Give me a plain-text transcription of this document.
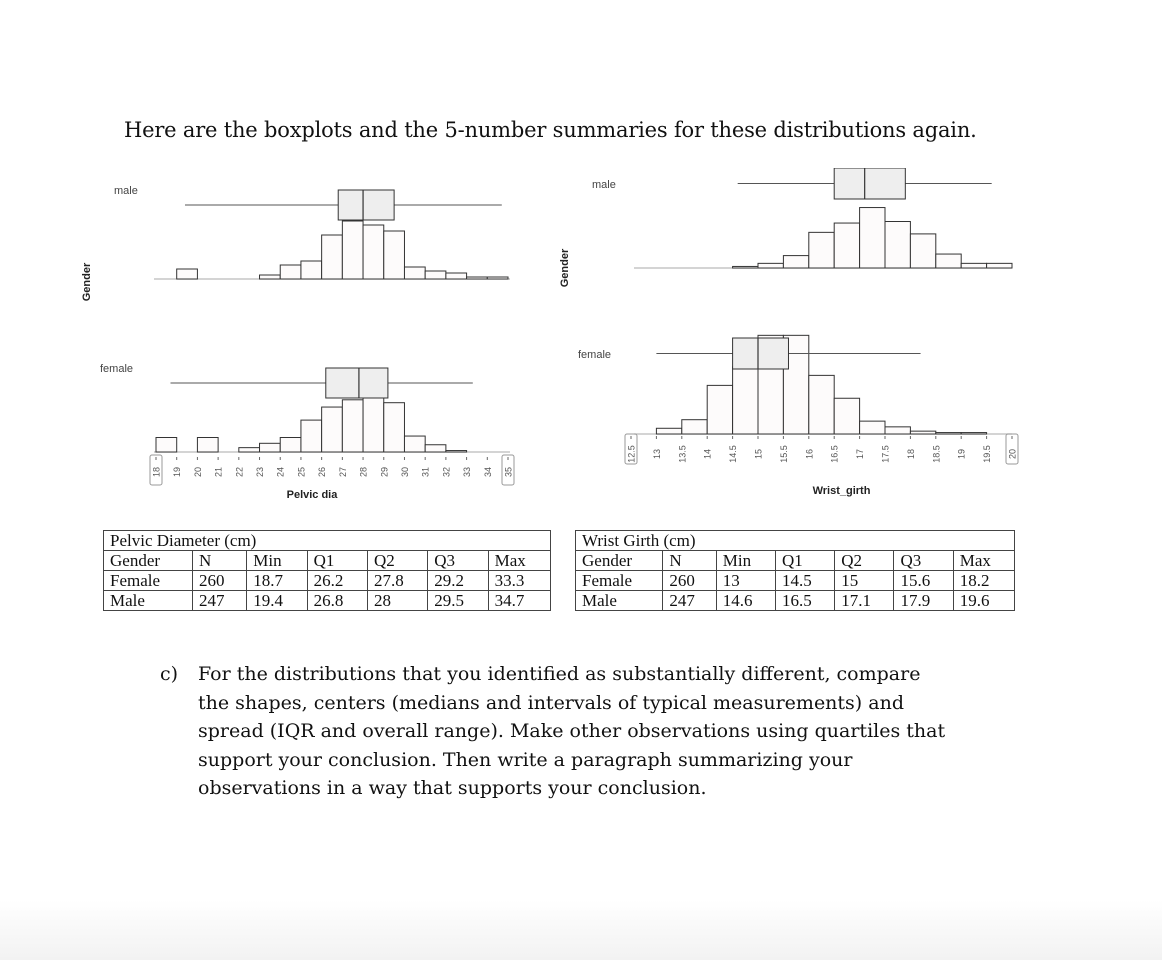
Here are the boxplots and the 5-number summaries for these distributions again.
Gender
male
female
18 19 20 21 22 23 24 25 26 27 28 29 30 31 32 33 34 35
Pelvic dia
Gender
male
female
12.5 13 13.5 14 14.5 15 15.5 16 16.5 17 17.5 18 18.5 19 19.5 20
Wrist_girth
Pelvic Diameter (cm)						
Gender	N	Min	Q1	Q2	Q3	Max
Female	260	18.7	26.2	27.8	29.2	33.3
Male	247	19.4	26.8	28	29.5	34.7
Wrist Girth (cm)						
Gender	N	Min	Q1	Q2	Q3	Max
Female	260	13	14.5	15	15.6	18.2
Male	247	14.6	16.5	17.1	17.9	19.6
c) For the distributions that you identified as substantially different, compare
the shapes, centers (medians and intervals of typical measurements) and
spread (IQR and overall range). Make other observations using quartiles that
support your conclusion. Then write a paragraph summarizing your
observations in a way that supports your conclusion.
